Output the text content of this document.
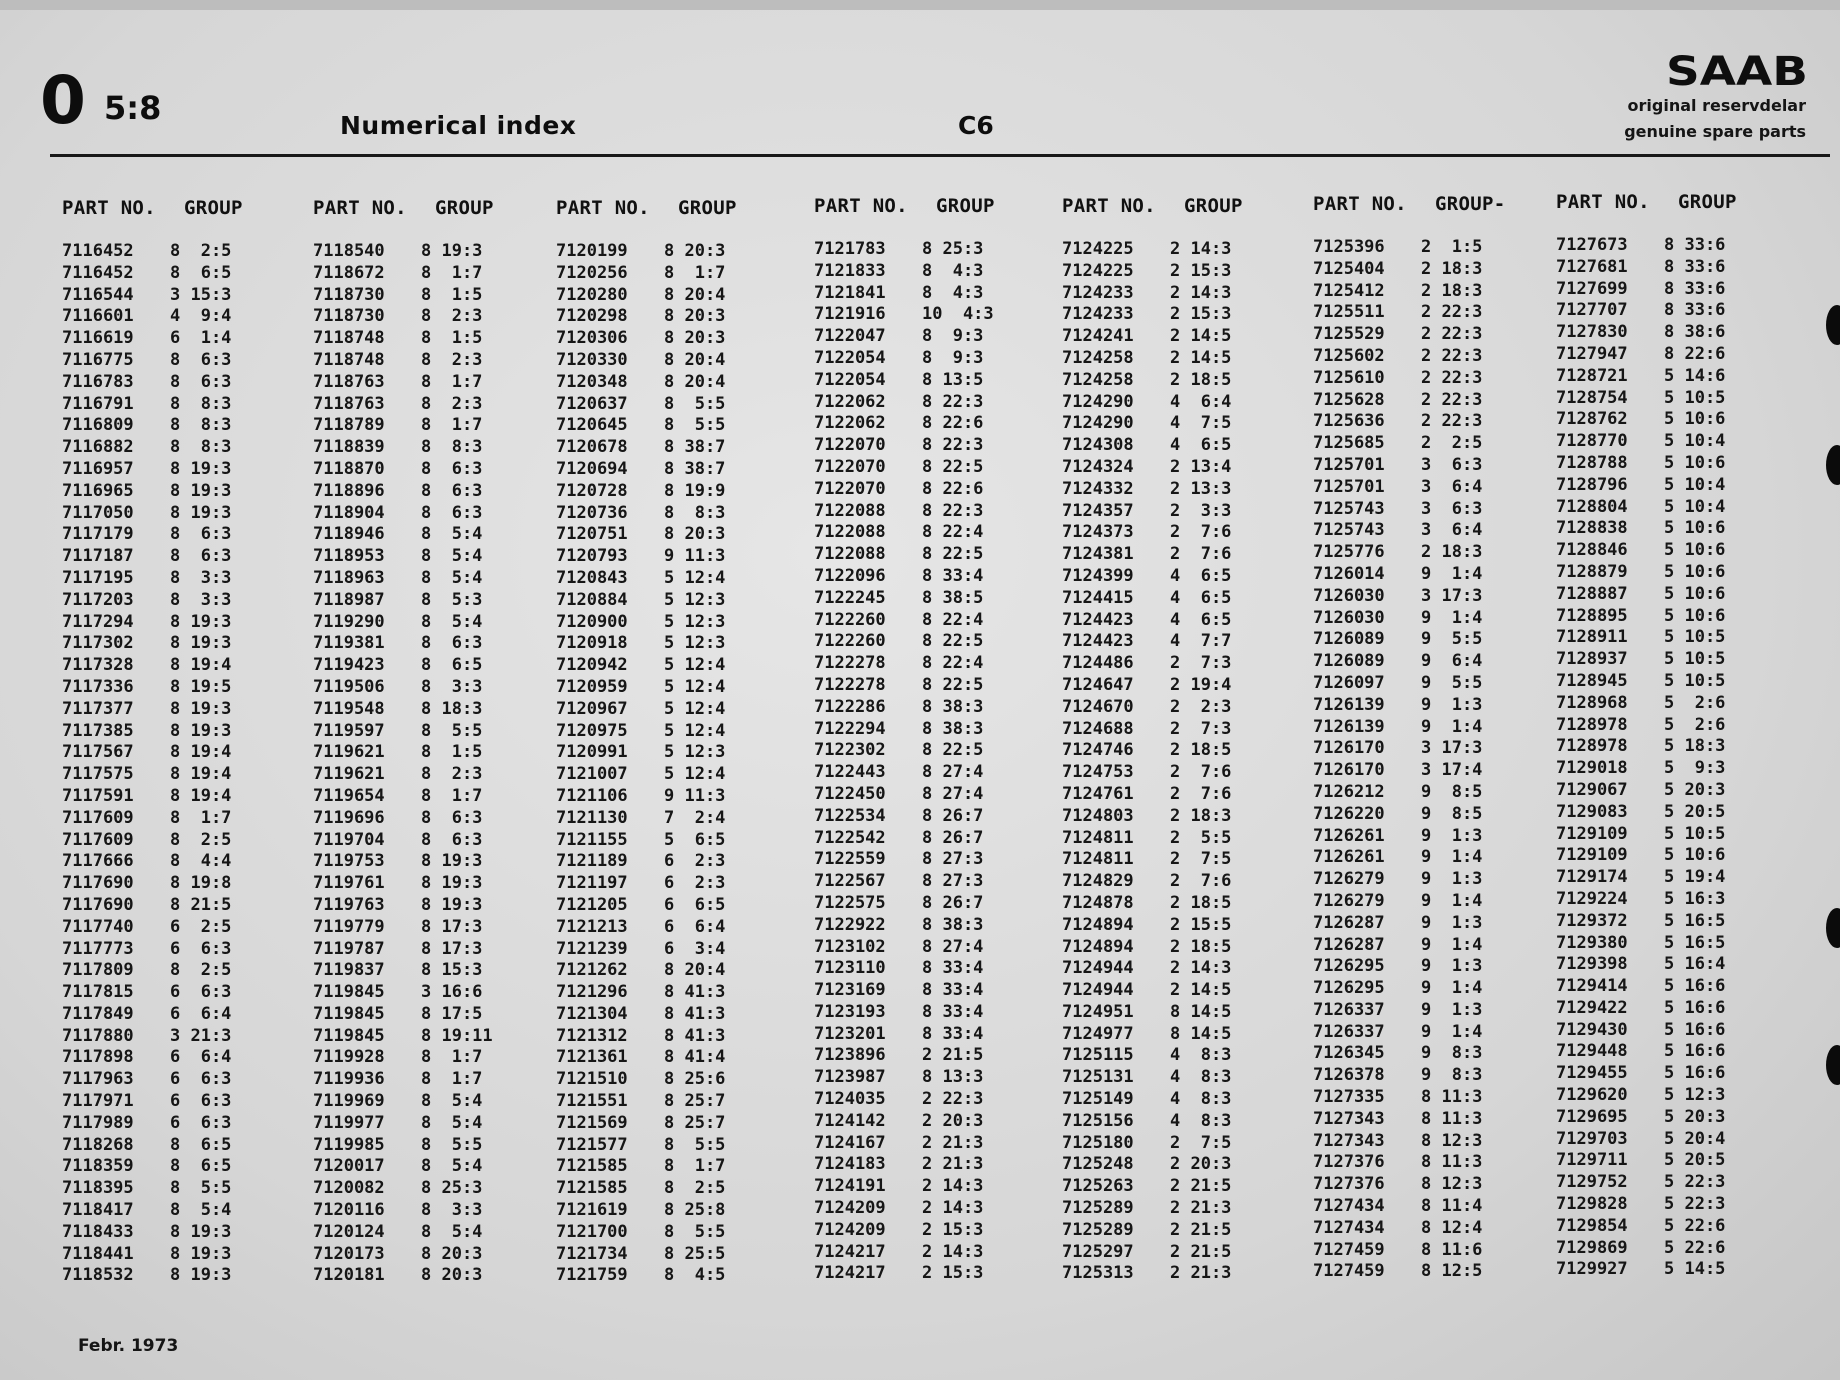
0 5:8	Numerical index	C6
SAAB
original reservdelar
genuine spare parts
PART NO. GROUP
7116452 8  2:5
7116452 8  6:5
7116544 3 15:3
7116601 4  9:4
7116619 6  1:4
7116775 8  6:3
7116783 8  6:3
7116791 8  8:3
7116809 8  8:3
7116882 8  8:3
7116957 8 19:3
7116965 8 19:3
7117050 8 19:3
7117179 8  6:3
7117187 8  6:3
7117195 8  3:3
7117203 8  3:3
7117294 8 19:3
7117302 8 19:3
7117328 8 19:4
7117336 8 19:5
7117377 8 19:3
7117385 8 19:3
7117567 8 19:4
7117575 8 19:4
7117591 8 19:4
7117609 8  1:7
7117609 8  2:5
7117666 8  4:4
7117690 8 19:8
7117690 8 21:5
7117740 6  2:5
7117773 6  6:3
7117809 8  2:5
7117815 6  6:3
7117849 6  6:4
7117880 3 21:3
7117898 6  6:4
7117963 6  6:3
7117971 6  6:3
7117989 6  6:3
7118268 8  6:5
7118359 8  6:5
7118395 8  5:5
7118417 8  5:4
7118433 8 19:3
7118441 8 19:3
7118532 8 19:3
PART NO. GROUP
7118540 8 19:3
7118672 8  1:7
7118730 8  1:5
7118730 8  2:3
7118748 8  1:5
7118748 8  2:3
7118763 8  1:7
7118763 8  2:3
7118789 8  1:7
7118839 8  8:3
7118870 8  6:3
7118896 8  6:3
7118904 8  6:3
7118946 8  5:4
7118953 8  5:4
7118963 8  5:4
7118987 8  5:3
7119290 8  5:4
7119381 8  6:3
7119423 8  6:5
7119506 8  3:3
7119548 8 18:3
7119597 8  5:5
7119621 8  1:5
7119621 8  2:3
7119654 8  1:7
7119696 8  6:3
7119704 8  6:3
7119753 8 19:3
7119761 8 19:3
7119763 8 19:3
7119779 8 17:3
7119787 8 17:3
7119837 8 15:3
7119845 3 16:6
7119845 8 17:5
7119845 8 19:11
7119928 8  1:7
7119936 8  1:7
7119969 8  5:4
7119977 8  5:4
7119985 8  5:5
7120017 8  5:4
7120082 8 25:3
7120116 8  3:3
7120124 8  5:4
7120173 8 20:3
7120181 8 20:3
PART NO. GROUP
7120199 8 20:3
7120256 8  1:7
7120280 8 20:4
7120298 8 20:3
7120306 8 20:3
7120330 8 20:4
7120348 8 20:4
7120637 8  5:5
7120645 8  5:5
7120678 8 38:7
7120694 8 38:7
7120728 8 19:9
7120736 8  8:3
7120751 8 20:3
7120793 9 11:3
7120843 5 12:4
7120884 5 12:3
7120900 5 12:3
7120918 5 12:3
7120942 5 12:4
7120959 5 12:4
7120967 5 12:4
7120975 5 12:4
7120991 5 12:3
7121007 5 12:4
7121106 9 11:3
7121130 7  2:4
7121155 5  6:5
7121189 6  2:3
7121197 6  2:3
7121205 6  6:5
7121213 6  6:4
7121239 6  3:4
7121262 8 20:4
7121296 8 41:3
7121304 8 41:3
7121312 8 41:3
7121361 8 41:4
7121510 8 25:6
7121551 8 25:7
7121569 8 25:7
7121577 8  5:5
7121585 8  1:7
7121585 8  2:5
7121619 8 25:8
7121700 8  5:5
7121734 8 25:5
7121759 8  4:5
PART NO. GROUP
7121783 8 25:3
7121833 8  4:3
7121841 8  4:3
7121916 10  4:3
7122047 8  9:3
7122054 8  9:3
7122054 8 13:5
7122062 8 22:3
7122062 8 22:6
7122070 8 22:3
7122070 8 22:5
7122070 8 22:6
7122088 8 22:3
7122088 8 22:4
7122088 8 22:5
7122096 8 33:4
7122245 8 38:5
7122260 8 22:4
7122260 8 22:5
7122278 8 22:4
7122278 8 22:5
7122286 8 38:3
7122294 8 38:3
7122302 8 22:5
7122443 8 27:4
7122450 8 27:4
7122534 8 26:7
7122542 8 26:7
7122559 8 27:3
7122567 8 27:3
7122575 8 26:7
7122922 8 38:3
7123102 8 27:4
7123110 8 33:4
7123169 8 33:4
7123193 8 33:4
7123201 8 33:4
7123896 2 21:5
7123987 8 13:3
7124035 2 22:3
7124142 2 20:3
7124167 2 21:3
7124183 2 21:3
7124191 2 14:3
7124209 2 14:3
7124209 2 15:3
7124217 2 14:3
7124217 2 15:3
PART NO. GROUP
7124225 2 14:3
7124225 2 15:3
7124233 2 14:3
7124233 2 15:3
7124241 2 14:5
7124258 2 14:5
7124258 2 18:5
7124290 4  6:4
7124290 4  7:5
7124308 4  6:5
7124324 2 13:4
7124332 2 13:3
7124357 2  3:3
7124373 2  7:6
7124381 2  7:6
7124399 4  6:5
7124415 4  6:5
7124423 4  6:5
7124423 4  7:7
7124486 2  7:3
7124647 2 19:4
7124670 2  2:3
7124688 2  7:3
7124746 2 18:5
7124753 2  7:6
7124761 2  7:6
7124803 2 18:3
7124811 2  5:5
7124811 2  7:5
7124829 2  7:6
7124878 2 18:5
7124894 2 15:5
7124894 2 18:5
7124944 2 14:3
7124944 2 14:5
7124951 8 14:5
7124977 8 14:5
7125115 4  8:3
7125131 4  8:3
7125149 4  8:3
7125156 4  8:3
7125180 2  7:5
7125248 2 20:3
7125263 2 21:5
7125289 2 21:3
7125289 2 21:5
7125297 2 21:5
7125313 2 21:3
PART NO. GROUP-
7125396 2  1:5
7125404 2 18:3
7125412 2 18:3
7125511 2 22:3
7125529 2 22:3
7125602 2 22:3
7125610 2 22:3
7125628 2 22:3
7125636 2 22:3
7125685 2  2:5
7125701 3  6:3
7125701 3  6:4
7125743 3  6:3
7125743 3  6:4
7125776 2 18:3
7126014 9  1:4
7126030 3 17:3
7126030 9  1:4
7126089 9  5:5
7126089 9  6:4
7126097 9  5:5
7126139 9  1:3
7126139 9  1:4
7126170 3 17:3
7126170 3 17:4
7126212 9  8:5
7126220 9  8:5
7126261 9  1:3
7126261 9  1:4
7126279 9  1:3
7126279 9  1:4
7126287 9  1:3
7126287 9  1:4
7126295 9  1:3
7126295 9  1:4
7126337 9  1:3
7126337 9  1:4
7126345 9  8:3
7126378 9  8:3
7127335 8 11:3
7127343 8 11:3
7127343 8 12:3
7127376 8 11:3
7127376 8 12:3
7127434 8 11:4
7127434 8 12:4
7127459 8 11:6
7127459 8 12:5
PART NO. GROUP
7127673 8 33:6
7127681 8 33:6
7127699 8 33:6
7127707 8 33:6
7127830 8 38:6
7127947 8 22:6
7128721 5 14:6
7128754 5 10:5
7128762 5 10:6
7128770 5 10:4
7128788 5 10:6
7128796 5 10:4
7128804 5 10:4
7128838 5 10:6
7128846 5 10:6
7128879 5 10:6
7128887 5 10:6
7128895 5 10:6
7128911 5 10:5
7128937 5 10:5
7128945 5 10:5
7128968 5  2:6
7128978 5  2:6
7128978 5 18:3
7129018 5  9:3
7129067 5 20:3
7129083 5 20:5
7129109 5 10:5
7129109 5 10:6
7129174 5 19:4
7129224 5 16:3
7129372 5 16:5
7129380 5 16:5
7129398 5 16:4
7129414 5 16:6
7129422 5 16:6
7129430 5 16:6
7129448 5 16:6
7129455 5 16:6
7129620 5 12:3
7129695 5 20:3
7129703 5 20:4
7129711 5 20:5
7129752 5 22:3
7129828 5 22:3
7129854 5 22:6
7129869 5 22:6
7129927 5 14:5
Febr. 1973
